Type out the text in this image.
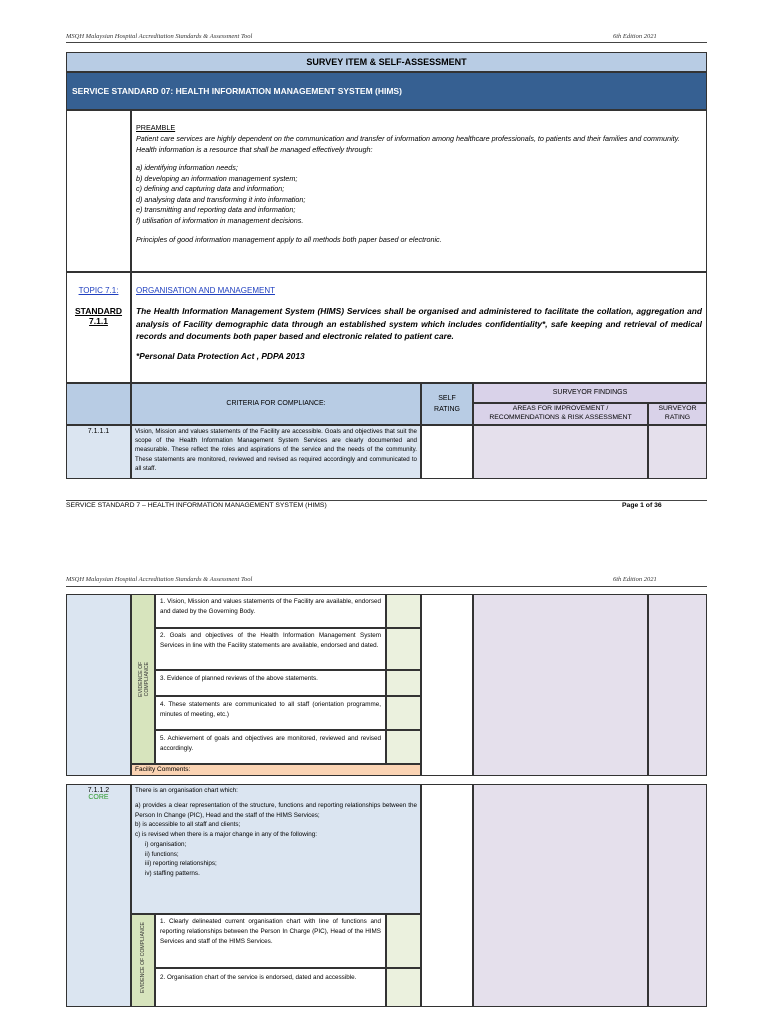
MSQH Malaysian Hospital Accreditation Standards & Assessment Tool	6th Edition 2021
SURVEY ITEM & SELF-ASSESSMENT
SERVICE STANDARD 07: HEALTH INFORMATION MANAGEMENT SYSTEM (HIMS)
PREAMBLE
Patient care services are highly dependent on the communication and transfer of information among healthcare professionals, to patients and their families and community. Health information is a resource that shall be managed effectively through:
a) identifying information needs;
b) developing an information management system;
c) defining and capturing data and information;
d) analysing data and transforming it into information;
e) transmitting and reporting data and information;
f) utilisation of information in management decisions.
Principles of good information management apply to all methods both paper based or electronic.
TOPIC 7.1:
STANDARD
7.1.1
ORGANISATION AND MANAGEMENT
The Health Information Management System (HIMS) Services shall be organised and administered to facilitate the collation, aggregation and analysis of Facility demographic data through an established system which includes confidentiality*, safe keeping and retrieval of medical records and documents both paper based and electronic related to patient care.
*Personal Data Protection Act , PDPA 2013
CRITERIA FOR COMPLIANCE:
SELF RATING
SURVEYOR FINDINGS
AREAS FOR IMPROVEMENT / RECOMMENDATIONS & RISK ASSESSMENT
SURVEYOR RATING
7.1.1.1	Vision, Mission and values statements of the Facility are accessible. Goals and objectives that suit the scope of the Health Information Management System Services are clearly documented and measurable. These reflect the roles and aspirations of the service and the needs of the community. These statements are monitored, reviewed and revised as required accordingly and communicated to all staff.
SERVICE STANDARD 7 – HEALTH INFORMATION MANAGEMENT SYSTEM (HIMS)	Page 1 of 36
MSQH Malaysian Hospital Accreditation Standards & Assessment Tool	6th Edition 2021
EVIDENCE OF COMPLIANCE
1. Vision, Mission and values statements of the Facility are available, endorsed and dated by the Governing Body.
2. Goals and objectives of the Health Information Management System Services in line with the Facility statements are available, endorsed and dated.
3. Evidence of planned reviews of the above statements.
4. These statements are communicated to all staff (orientation programme, minutes of meeting, etc.)
5. Achievement of goals and objectives are monitored, reviewed and revised accordingly.
Facility Comments:
7.1.1.2
CORE
There is an organisation chart which:
a) provides a clear representation of the structure, functions and reporting relationships between the Person In Change (PIC), Head and the staff of the HIMS Services;
b) is accessible to all staff and clients;
c) is revised when there is a major change in any of the following:
i) organisation;
ii) functions;
iii) reporting relationships;
iv) staffing patterns.
EVIDENCE OF COMPLIANCE
1. Clearly delineated current organisation chart with line of functions and reporting relationships between the Person In Charge (PIC), Head of the HIMS Services and staff of the HIMS Services.
2. Organisation chart of the service is endorsed, dated and accessible.
